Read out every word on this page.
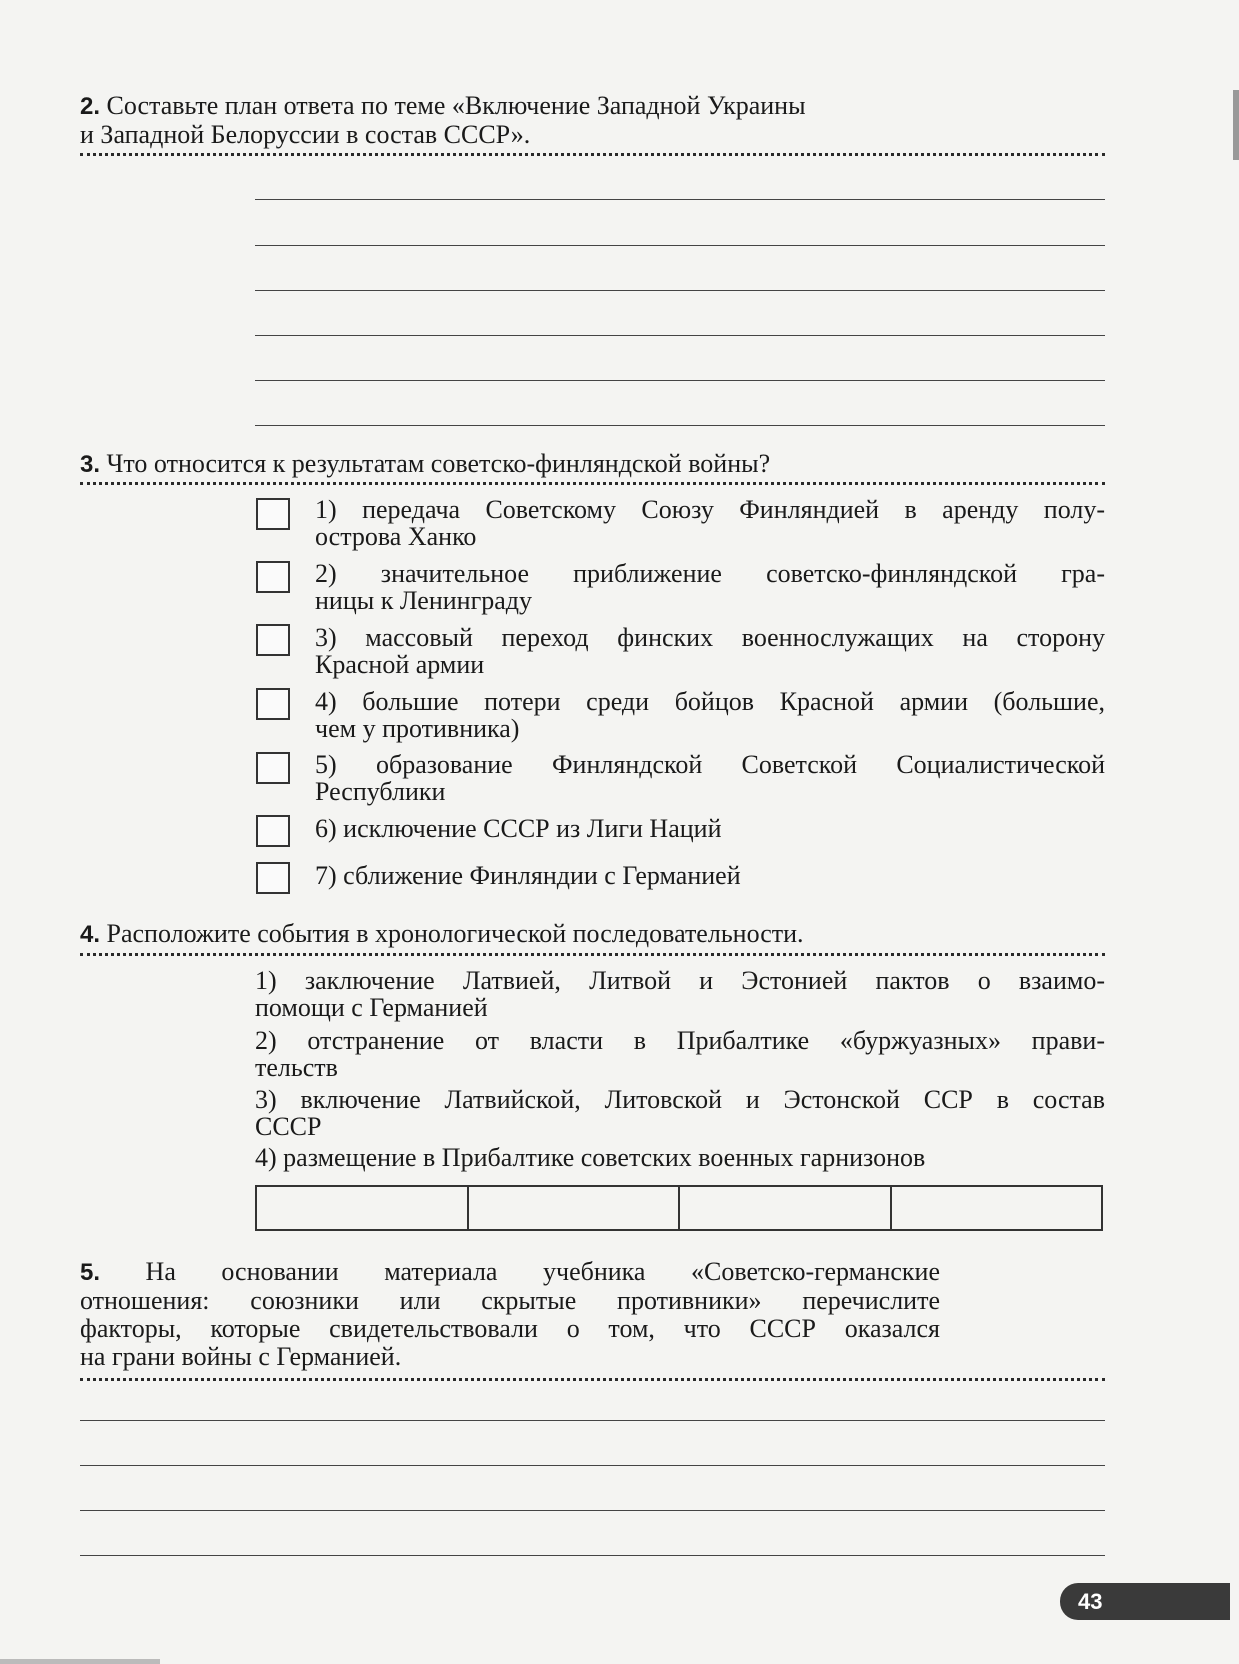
2. Составьте план ответа по теме «Включение Западной Украины
и Западной Белоруссии в состав СССР».
3. Что относится к результатам советско-финляндской войны?
1) передача Советскому Союзу Финляндией в аренду полу-
острова Ханко
2) значительное приближение советско-финляндской гра-
ницы к Ленинграду
3) массовый переход финских военнослужащих на сторону
Красной армии
4) большие потери среди бойцов Красной армии (большие,
чем у противника)
5) образование Финляндской Советской Социалистической
Республики
6) исключение СССР из Лиги Наций
7) сближение Финляндии с Германией
4. Расположите события в хронологической последовательности.
1) заключение Латвией, Литвой и Эстонией пактов о взаимо-
помощи с Германией
2) отстранение от власти в Прибалтике «буржуазных» прави-
тельств
3) включение Латвийской, Литовской и Эстонской ССР в состав
СССР
4) размещение в Прибалтике советских военных гарнизонов
5. На основании материала учебника «Советско-германские
отношения: союзники или скрытые противники» перечислите
факторы, которые свидетельствовали о том, что СССР оказался
на грани войны с Германией.
43
